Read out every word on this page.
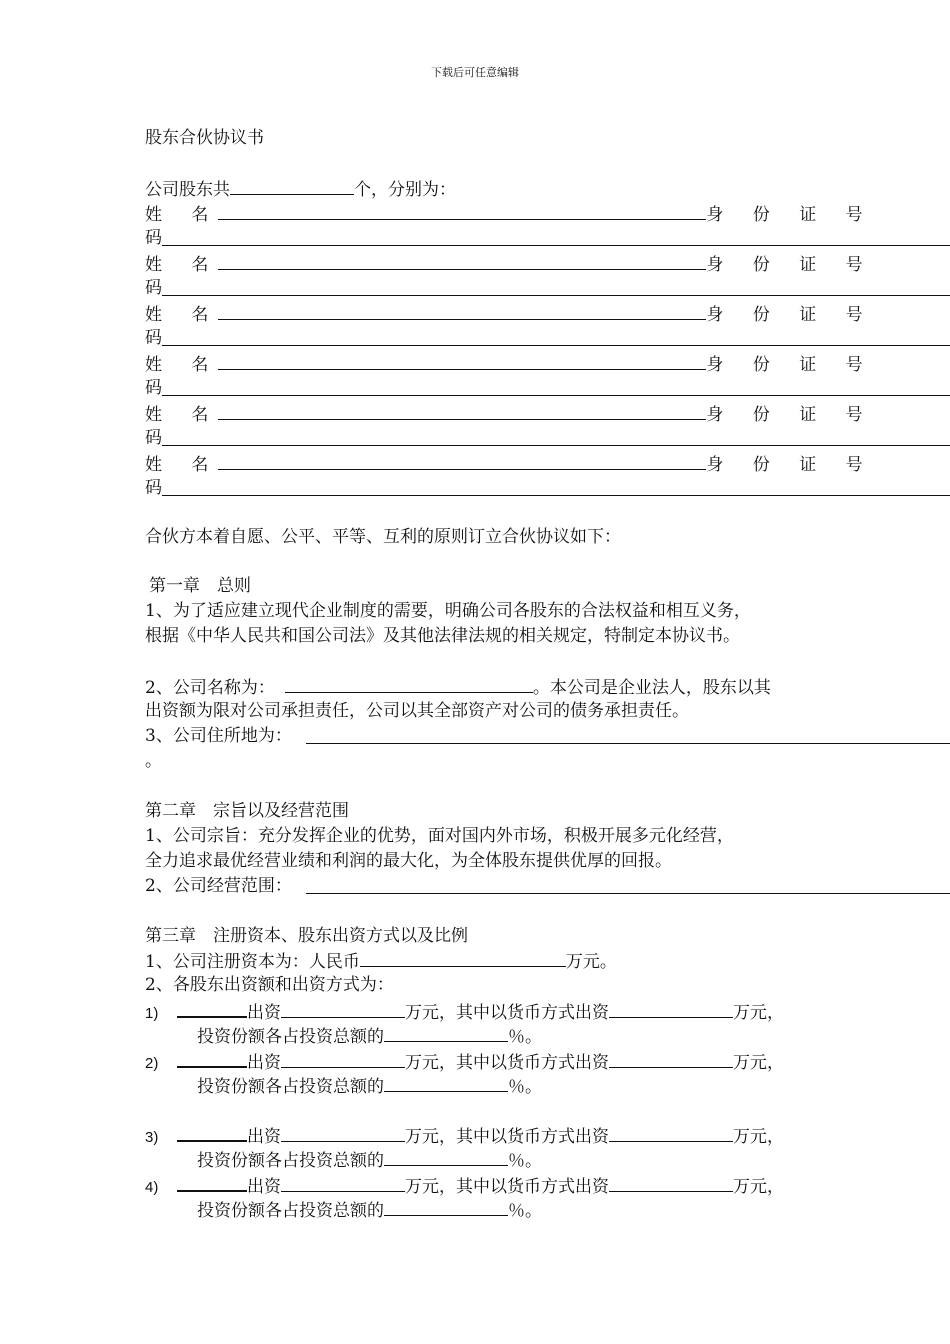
下载后可任意编辑
股东合伙协议书
公司股东共	个，分别为：
姓 名	身 份 证 号
码
姓 名	身 份 证 号
码
姓 名	身 份 证 号
码
姓 名	身 份 证 号
码
姓 名	身 份 证 号
码
姓 名	身 份 证 号
码
合伙方本着自愿、公平、平等、互利的原则订立合伙协议如下：
第一章　总则
1、为了适应建立现代企业制度的需要，明确公司各股东的合法权益和相互义务，
根据《中华人民共和国公司法》及其他法律法规的相关规定，特制定本协议书。
2、公司名称为：	。本公司是企业法人，股东以其
出资额为限对公司承担责任，公司以其全部资产对公司的债务承担责任。
3、公司住所地为：
。
第二章　宗旨以及经营范围
1、公司宗旨：充分发挥企业的优势，面对国内外市场，积极开展多元化经营，
全力追求最优经营业绩和利润的最大化，为全体股东提供优厚的回报。
2、公司经营范围：
第三章　注册资本、股东出资方式以及比例
1、公司注册资本为：人民币	万元。
2、各股东出资额和出资方式为：
1)	出资	万元，其中以货币方式出资	万元，
投资份额各占投资总额的	％。
2)	出资	万元，其中以货币方式出资	万元，
投资份额各占投资总额的	％。
3)	出资	万元，其中以货币方式出资	万元，
投资份额各占投资总额的	％。
4)	出资	万元，其中以货币方式出资	万元，
投资份额各占投资总额的	％。
